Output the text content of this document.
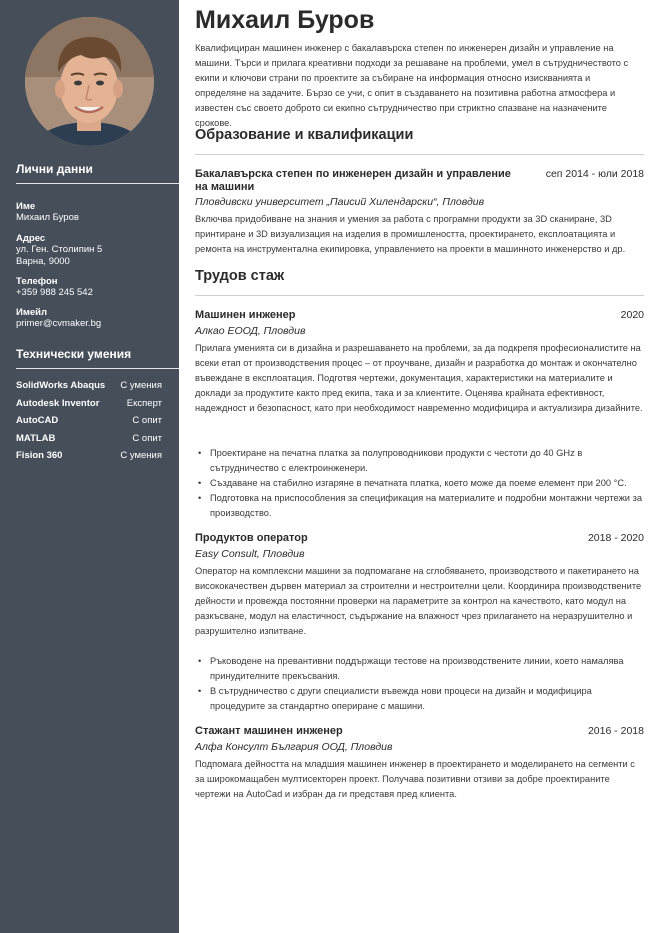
Лични данни
Име
Михаил Буров
Адрес
ул. Ген. Столипин 5
Варна, 9000
Телефон
+359 988 245 542
Имейл
primer@cvmaker.bg
Технически умения
SolidWorks Abaqus С умения
Autodesk Inventor	Експерт
AutoCAD	С опит
MATLAB	С опит
Fision 360	С умения
Михаил Буров
Квалифициран машинен инженер с бакалавърска степен по инженерен дизайн и управление на машини. Търси и прилага креативни подходи за решаване на проблеми, умел в сътрудничеството с екипи и ключови страни по проектите за събиране на информация относно изискванията и определяне на задачите. Бързо се учи, с опит в създаването на позитивна работна атмосфера и известен със своето доброто си екипно сътрудничество при стриктно спазване на назначените срокове.
Образование и квалификации
Бакалавърска степен по инженерен дизайн и управление на машини
сеп 2014 - юли 2018
Пловдивски университет „Паисий Хилендарски“, Пловдив
Включва придобиване на знания и умения за работа с програмни продукти за 3D сканиране, 3D принтиране и 3D визуализация на изделия в промишлеността, проектирането, експлоатацията и ремонта на инструментална екипировка, управлението на проекти в машинното инженерство и др.
Трудов стаж
Машинен инженер	2020
Алкао ЕООД, Пловдив
Прилага уменията си в дизайна и разрешаването на проблеми, за да подкрепя професионалистите на всеки етап от производствения процес – от проучване, дизайн и разработка до монтаж и окончателно въвеждане в експлоатация. Подготвя чертежи, документация, характеристики на материалите и доклади за продуктите както пред екипа, така и за клиентите. Оценява крайната ефективност, надеждност и безопасност, като при необходимост навременно модифицира и актуализира дизайните.
• Проектиране на печатна платка за полупроводникови продукти с честоти до 40 GHz в сътрудничество с електроинженери.
• Създаване на стабилно изгаряне в печатната платка, което може да поеме елемент при 200 °C.
• Подготовка на приспособления за спецификация на материалите и подробни монтажни чертежи за производство.
Продуктов оператор	2018 - 2020
Easy Consult, Пловдив
Оператор на комплексни машини за подпомагане на сглобяването, производството и пакетирането на висококачествен дървен материал за строителни и нестроителни цели. Координира производствените дейности и провежда постоянни проверки на параметрите за контрол на качеството, като модул на разкъсване, модул на еластичност, съдържание на влажност чрез прилагането на неразрушително и разрушително изпитване.
• Ръководене на превантивни поддържащи тестове на производствените линии, което намалява принудителните прекъсвания.
• В сътрудничество с други специалисти въвежда нови процеси на дизайн и модифицира процедурите за стандартно опериране с машини.
Стажант машинен инженер	2016 - 2018
Алфа Консулт България ООД, Пловдив
Подпомага дейността на младшия машинен инженер в проектирането и моделирането на сегменти с за широкомащабен мултисекторен проект. Получава позитивни отзиви за добре проектираните чертежи на AutoCad и избран да ги представя пред клиента.
